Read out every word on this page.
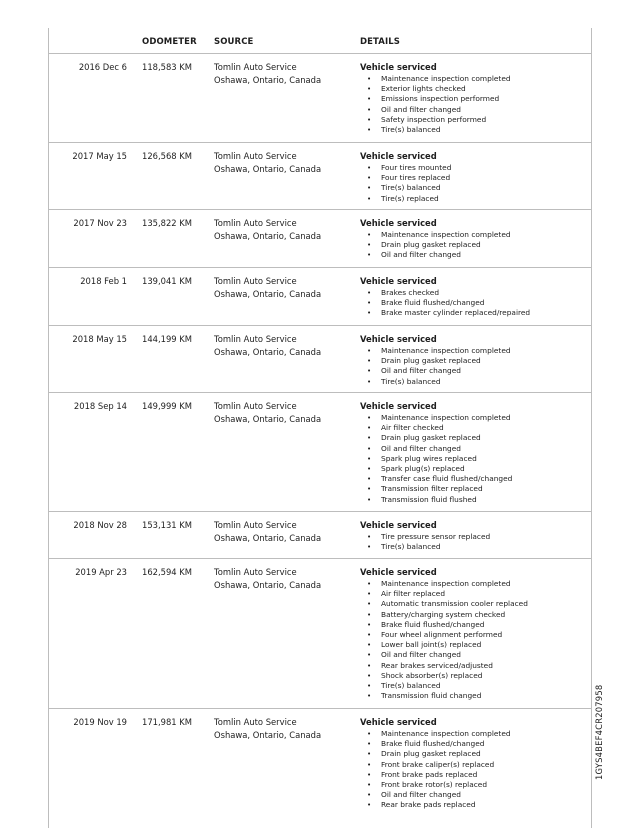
ODOMETER SOURCE	DETAILS
2016 Dec 6 118,583 KM	Tomlin Auto Service
Oshawa, Ontario, Canada
Vehicle serviced
• Maintenance inspection completed
• Exterior lights checked
• Emissions inspection performed
• Oil and filter changed
• Safety inspection performed
• Tire(s) balanced
2017 May 15 126,568 KM	Tomlin Auto Service
Oshawa, Ontario, Canada
Vehicle serviced
• Four tires mounted
• Four tires replaced
• Tire(s) balanced
• Tire(s) replaced
2017 Nov 23 135,822 KM	Tomlin Auto Service
Oshawa, Ontario, Canada
Vehicle serviced
• Maintenance inspection completed
• Drain plug gasket replaced
• Oil and filter changed
2018 Feb 1 139,041 KM	Tomlin Auto Service
Oshawa, Ontario, Canada
Vehicle serviced
• Brakes checked
• Brake fluid flushed/changed
• Brake master cylinder replaced/repaired
2018 May 15 144,199 KM	Tomlin Auto Service
Oshawa, Ontario, Canada
Vehicle serviced
• Maintenance inspection completed
• Drain plug gasket replaced
• Oil and filter changed
• Tire(s) balanced
2018 Sep 14 149,999 KM	Tomlin Auto Service
Oshawa, Ontario, Canada
Vehicle serviced
• Maintenance inspection completed
• Air filter checked
• Drain plug gasket replaced
• Oil and filter changed
• Spark plug wires replaced
• Spark plug(s) replaced
• Transfer case fluid flushed/changed
• Transmission filter replaced
• Transmission fluid flushed
2018 Nov 28 153,131 KM	Tomlin Auto Service
Oshawa, Ontario, Canada
Vehicle serviced
• Tire pressure sensor replaced
• Tire(s) balanced
2019 Apr 23 162,594 KM	Tomlin Auto Service
Oshawa, Ontario, Canada
Vehicle serviced
• Maintenance inspection completed
• Air filter replaced
• Automatic transmission cooler replaced
• Battery/charging system checked
• Brake fluid flushed/changed
• Four wheel alignment performed
• Lower ball joint(s) replaced
• Oil and filter changed
• Rear brakes serviced/adjusted
• Shock absorber(s) replaced
• Tire(s) balanced
• Transmission fluid changed
2019 Nov 19 171,981 KM	Tomlin Auto Service
Oshawa, Ontario, Canada
Vehicle serviced
• Maintenance inspection completed
• Brake fluid flushed/changed
• Drain plug gasket replaced
• Front brake caliper(s) replaced
• Front brake pads replaced
• Front brake rotor(s) replaced
• Oil and filter changed
• Rear brake pads replaced
1GYS4BEF4CR207958
